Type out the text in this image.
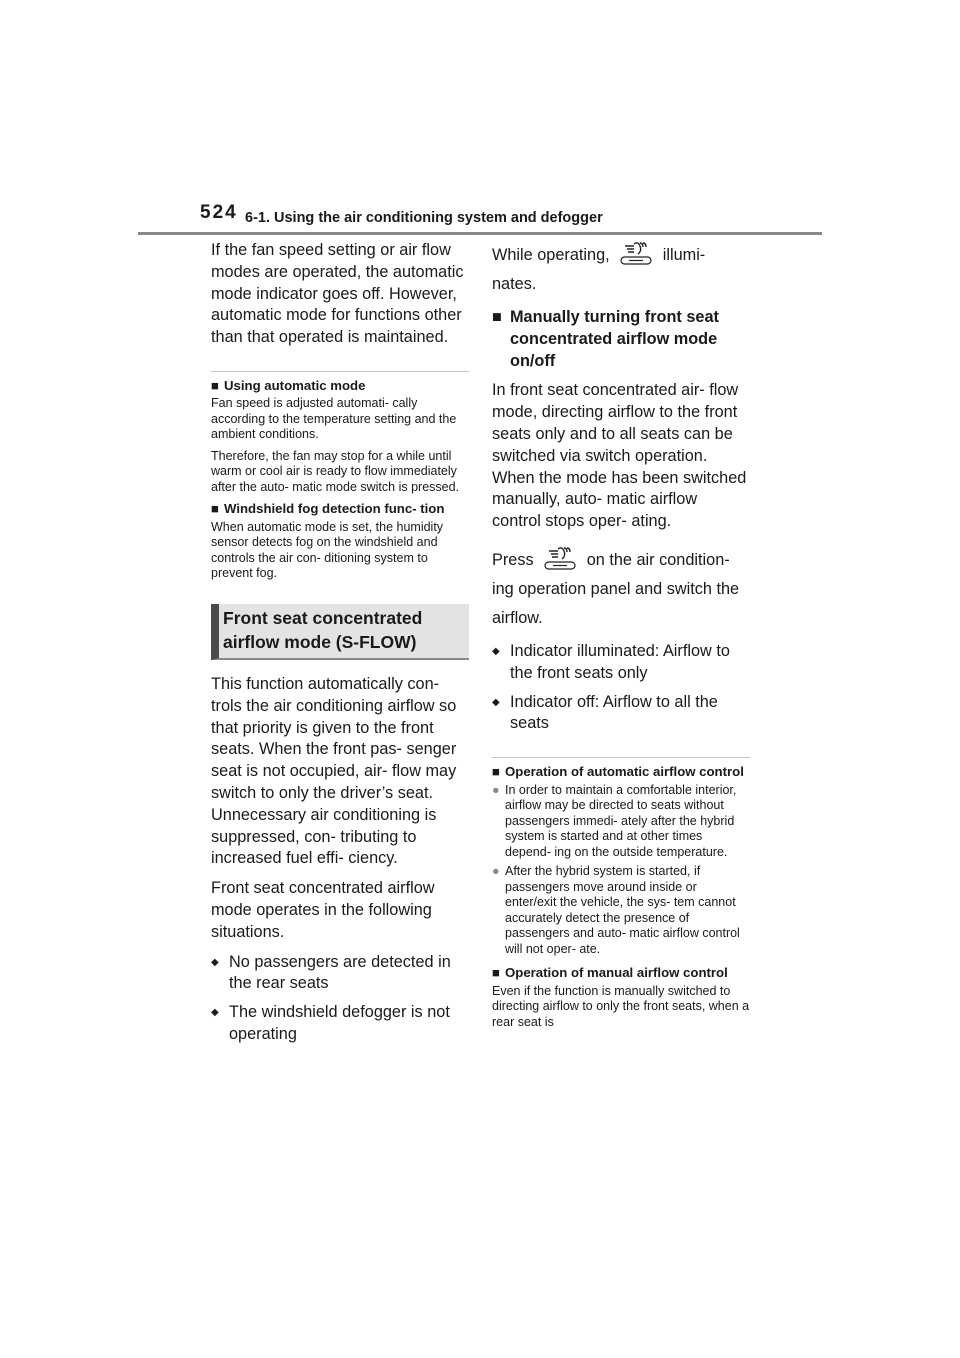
524 6-1. Using the air conditioning system and defogger

If the fan speed setting or air flow modes are operated, the automatic mode indicator goes off. However, automatic mode for functions other than that operated is maintained.

■ Using automatic mode

Fan speed is adjusted automati- cally according to the temperature setting and the ambient conditions.

Therefore, the fan may stop for a while until warm or cool air is ready to flow immediately after the auto- matic mode switch is pressed.

■ Windshield fog detection func- tion

When automatic mode is set, the humidity sensor detects fog on the windshield and controls the air con- ditioning system to prevent fog.

Front seat concentrated airflow mode (S-FLOW)

This function automatically con- trols the air conditioning airflow so that priority is given to the front seats. When the front pas- senger seat is not occupied, air- flow may switch to only the driver’s seat. Unnecessary air conditioning is suppressed, con- tributing to increased fuel effi- ciency.

Front seat concentrated airflow mode operates in the following situations.

◆ No passengers are detected in the rear seats
◆ The windshield defogger is not operating

While operating,	illumi- nates.

■ Manually turning front seat concentrated airflow mode on/off

In front seat concentrated air- flow mode, directing airflow to the front seats only and to all seats can be switched via switch operation. When the mode has been switched manually, auto- matic airflow control stops oper- ating.

Press	on the air condition- ing operation panel and switch the airflow.

◆ Indicator illuminated: Airflow to the front seats only
◆ Indicator off: Airflow to all the seats
■ Operation of automatic airflow control
● In order to maintain a comfortable interior, airflow may be directed to seats without passengers immedi- ately after the hybrid system is started and at other times depend- ing on the outside temperature.
● After the hybrid system is started, if passengers move around inside or enter/exit the vehicle, the sys- tem cannot accurately detect the presence of passengers and auto- matic airflow control will not oper- ate.
■ Operation of manual airflow control

Even if the function is manually switched to directing airflow to only the front seats, when a rear seat is
